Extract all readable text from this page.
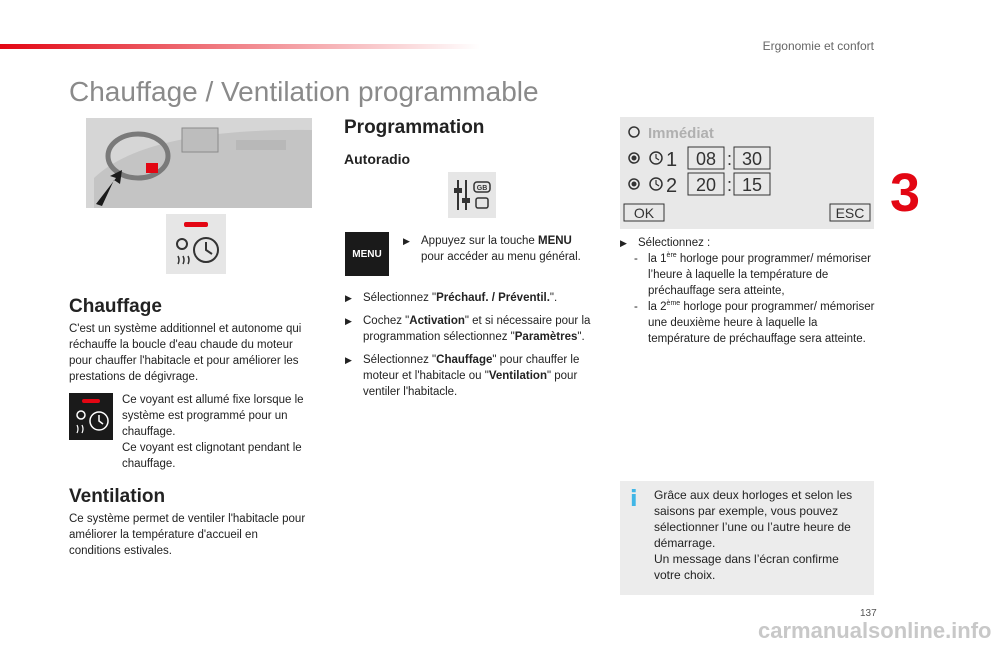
Ergonomie et confort
3
Chauffage / Ventilation programmable
Chauffage

C'est un système additionnel et autonome qui réchauffe la boucle d'eau chaude du moteur pour chauffer l'habitacle et pour améliorer les prestations de dégivrage.

Ce voyant est allumé fixe lorsque le système est programmé pour un chauffage.

Ce voyant est clignotant pendant le chauffage.

Ventilation

Ce système permet de ventiler l'habitacle pour améliorer la température d'accueil en conditions estivales.

Programmation
Autoradio
GB
MENU
▶ Appuyez sur la touche MENU pour accéder au menu général.
▶ Sélectionnez "Préchauf. / Préventil.".
▶ Cochez "Activation" et si nécessaire pour la programmation sélectionnez "Paramètres".
▶ Sélectionnez "Chauffage" pour chauffer le moteur et l'habitacle ou "Ventilation" pour ventiler l'habitacle.
Immédiat
1 08 : 30
2 20 : 15
OK	ESC
▶ Sélectionnez :
- la 1ère horloge pour programmer/ mémoriser l’heure à laquelle la température de préchauffage sera atteinte,
- la 2ème horloge pour programmer/ mémoriser une deuxième heure à laquelle la température de préchauffage sera atteinte.
i Grâce aux deux horloges et selon les saisons par exemple, vous pouvez sélectionner l’une ou l’autre heure de démarrage.

Un message dans l’écran confirme votre choix.

137
carmanualsonline.info
